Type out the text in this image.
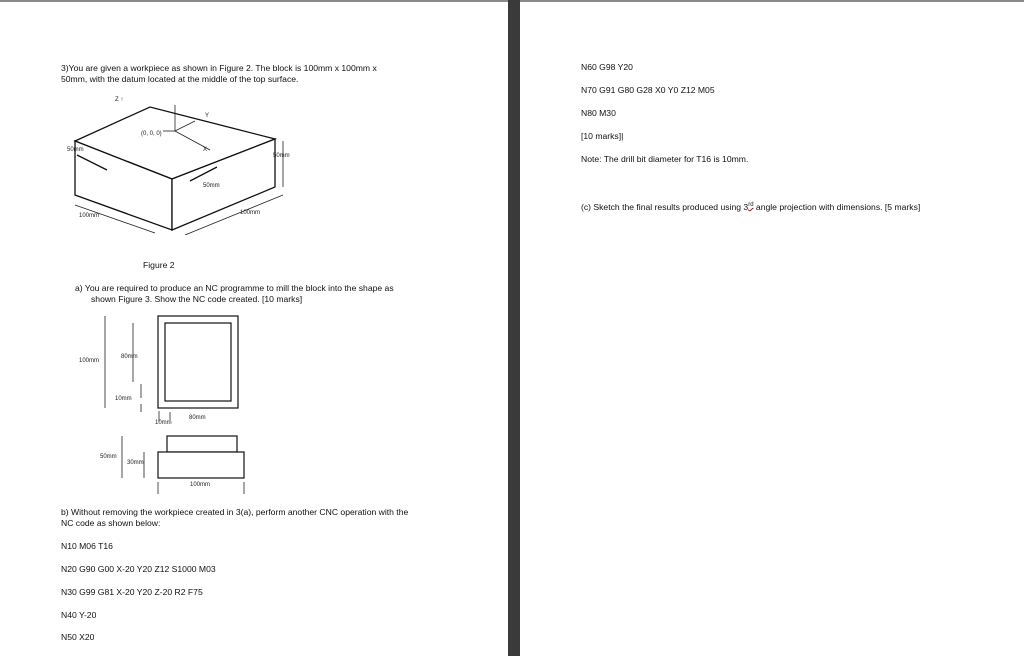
3)You are given a workpiece as shown in Figure 2. The block is 100mm x 100mm x
50mm, with the datum located at the middle of the top surface.
Z ↑
Y
X
(0, 0, 0)
50mm
50mm
50mm
100mm	100mm
Figure 2
a) You are required to produce an NC programme to mill the block into the shape as
shown Figure 3. Show the NC code created. [10 marks]
100mm
80mm
10mm
10mm
80mm
50mm
30mm
100mm
b) Without removing the workpiece created in 3(a), perform another CNC operation with the
NC code as shown below:
N10 M06 T16
N20 G90 G00 X-20 Y20 Z12 S1000 M03
N30 G99 G81 X-20 Y20 Z-20 R2 F75
N40 Y-20
N50 X20
N60 G98 Y20
N70 G91 G80 G28 X0 Y0 Z12 M05
N80 M30
[10 marks]|
Note: The drill bit diameter for T16 is 10mm.
(c) Sketch the final results produced using 3rd angle projection with dimensions. [5 marks]
